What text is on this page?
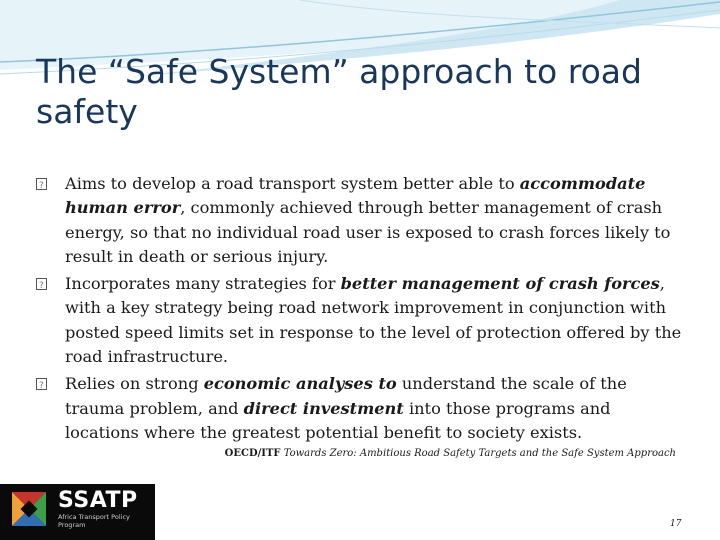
The “Safe System” approach to road safety
?
Aims to develop a road transport system better able to accommodate human error, commonly achieved through better management of crash energy, so that no individual road user is exposed to crash forces likely to result in death or serious injury.
?
Incorporates many strategies for better management of crash forces, with a key strategy being road network improvement in conjunction with posted speed limits set in response to the level of protection offered by the road infrastructure.
?
Relies on strong economic analyses to understand the scale of the trauma problem, and direct investment into those programs and locations where the greatest potential benefit to society exists.
OECD/ITF Towards Zero: Ambitious Road Safety Targets and the Safe System Approach
SSATP
Africa Transport Policy Program	17
